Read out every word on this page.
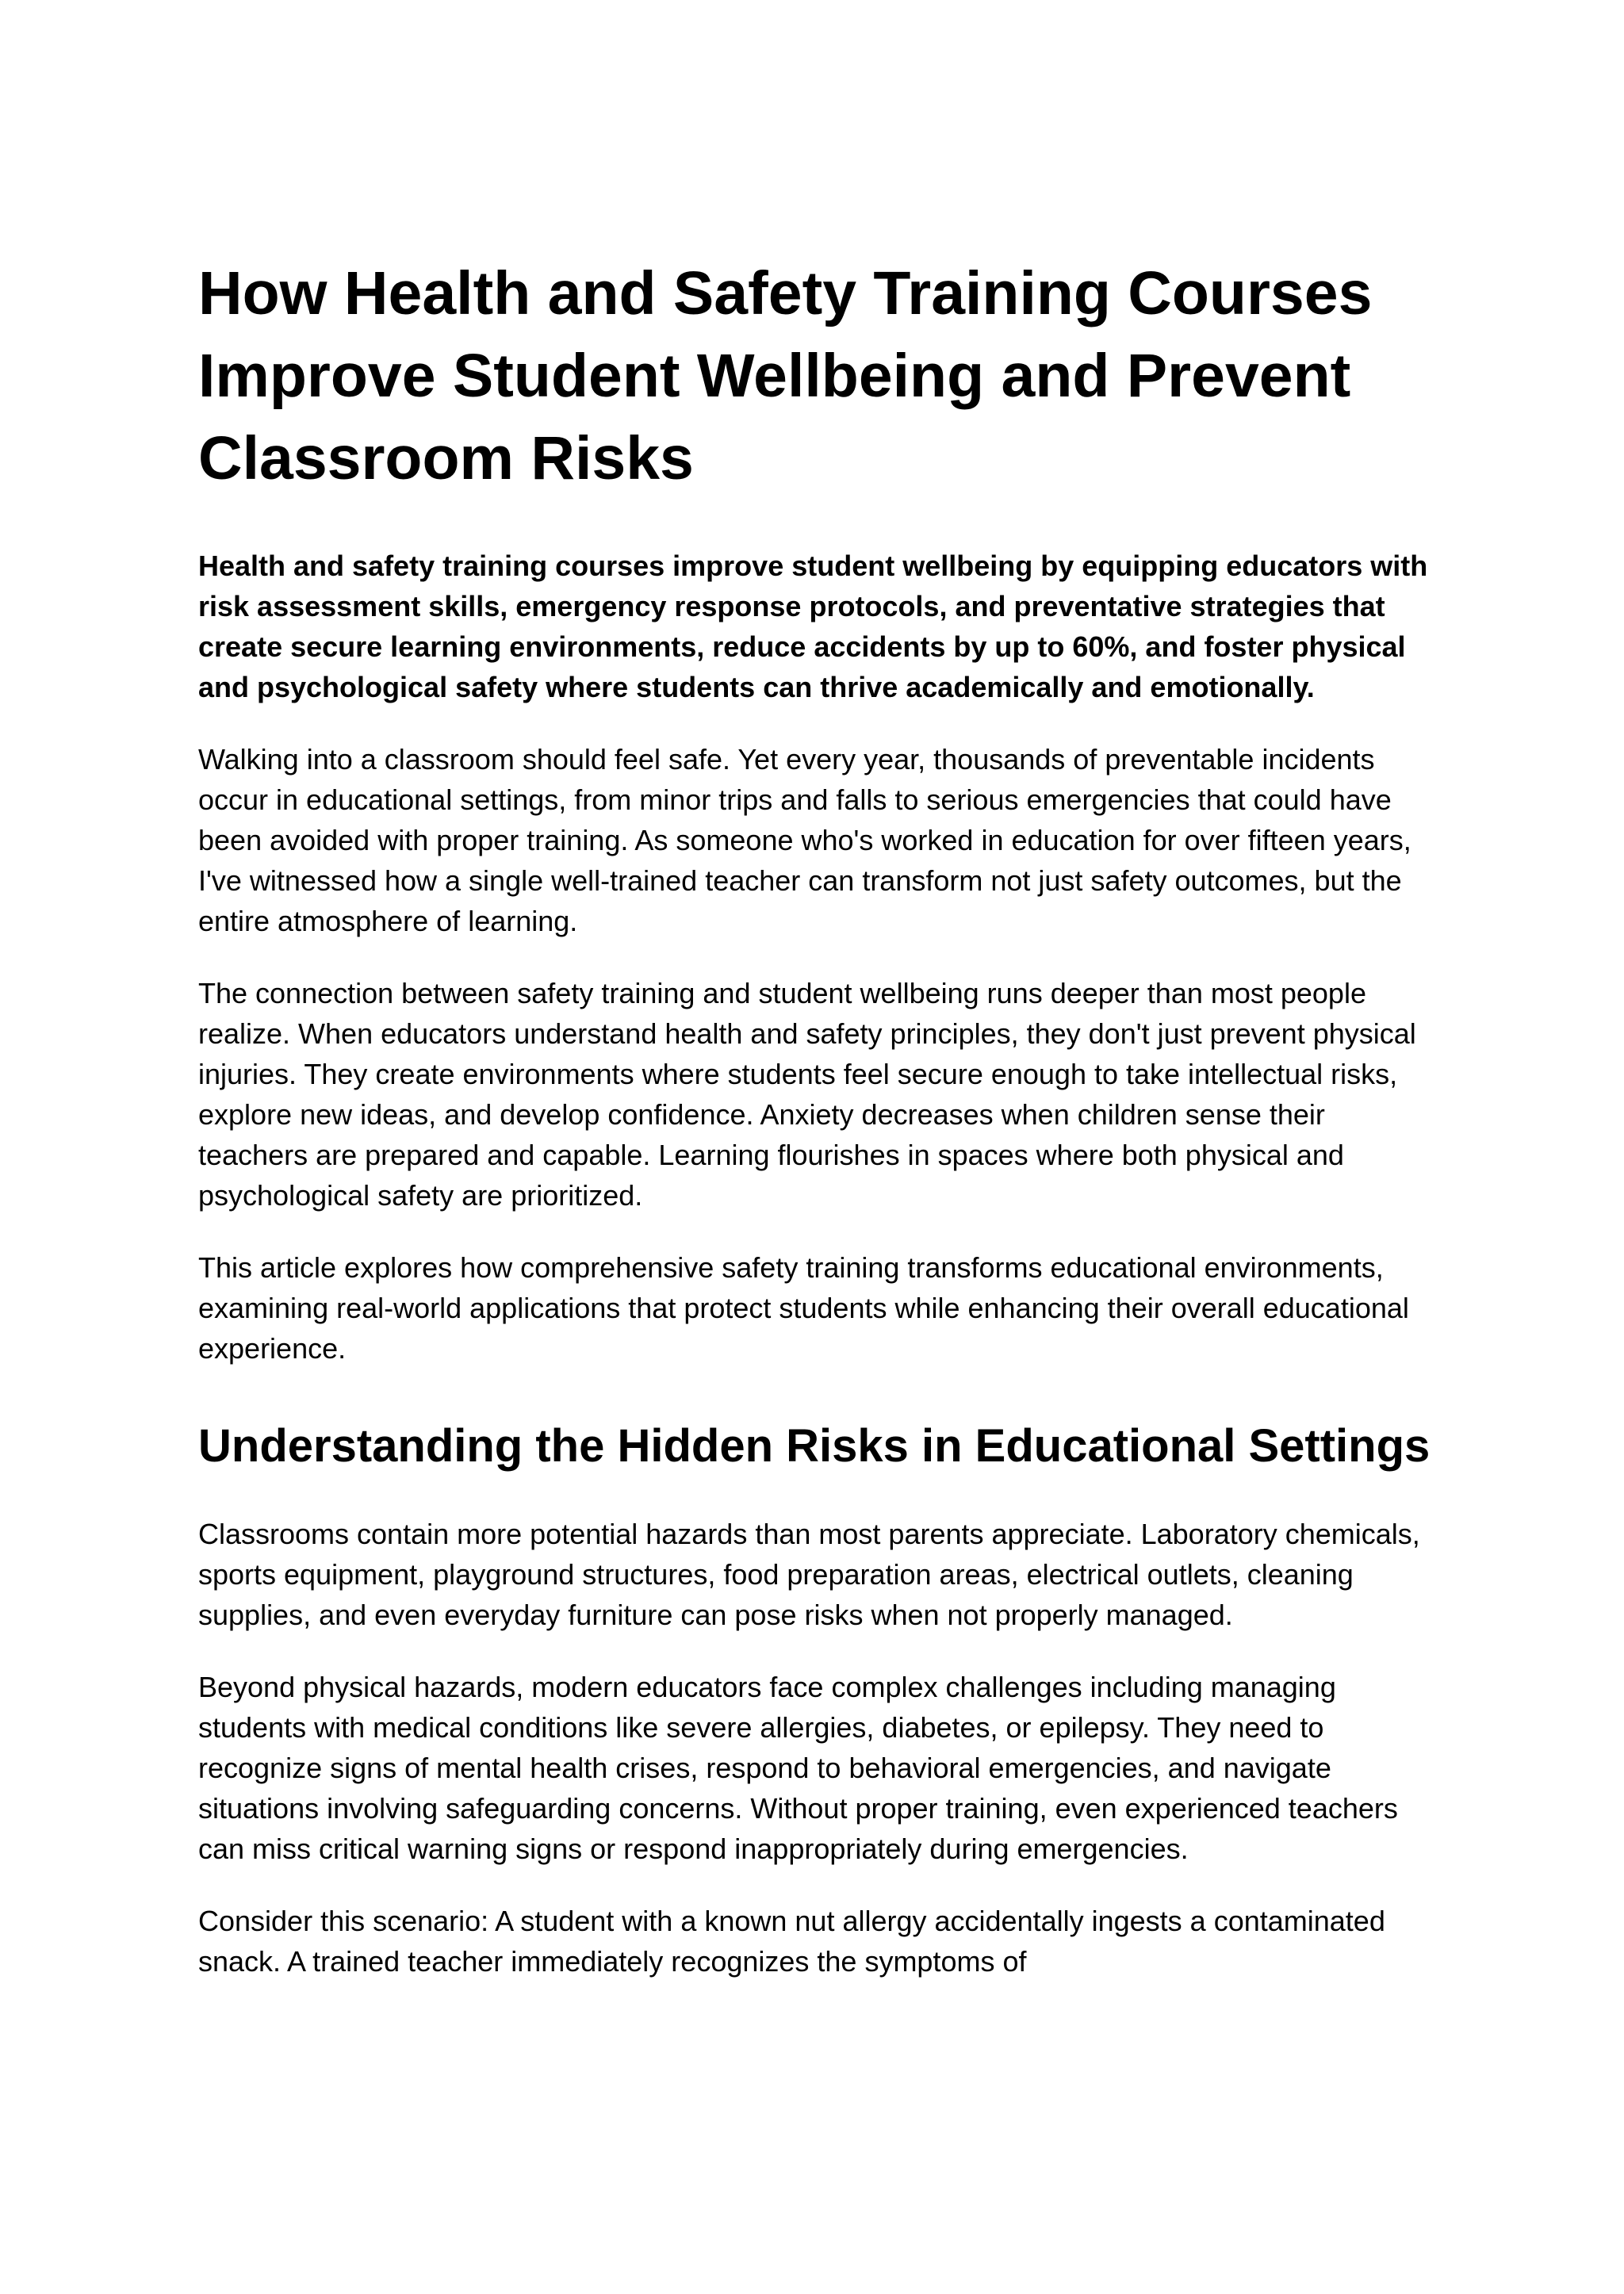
How Health and Safety Training Courses Improve Student Wellbeing and Prevent Classroom Risks

Health and safety training courses improve student wellbeing by equipping educators with risk assessment skills, emergency response protocols, and preventative strategies that create secure learning environments, reduce accidents by up to 60%, and foster physical and psychological safety where students can thrive academically and emotionally.

Walking into a classroom should feel safe. Yet every year, thousands of preventable incidents occur in educational settings, from minor trips and falls to serious emergencies that could have been avoided with proper training. As someone who's worked in education for over fifteen years, I've witnessed how a single well-trained teacher can transform not just safety outcomes, but the entire atmosphere of learning.

The connection between safety training and student wellbeing runs deeper than most people realize. When educators understand health and safety principles, they don't just prevent physical injuries. They create environments where students feel secure enough to take intellectual risks, explore new ideas, and develop confidence. Anxiety decreases when children sense their teachers are prepared and capable. Learning flourishes in spaces where both physical and psychological safety are prioritized.

This article explores how comprehensive safety training transforms educational environments, examining real-world applications that protect students while enhancing their overall educational experience.

Understanding the Hidden Risks in Educational Settings

Classrooms contain more potential hazards than most parents appreciate. Laboratory chemicals, sports equipment, playground structures, food preparation areas, electrical outlets, cleaning supplies, and even everyday furniture can pose risks when not properly managed.

Beyond physical hazards, modern educators face complex challenges including managing students with medical conditions like severe allergies, diabetes, or epilepsy. They need to recognize signs of mental health crises, respond to behavioral emergencies, and navigate situations involving safeguarding concerns. Without proper training, even experienced teachers can miss critical warning signs or respond inappropriately during emergencies.

Consider this scenario: A student with a known nut allergy accidentally ingests a contaminated snack. A trained teacher immediately recognizes the symptoms of
